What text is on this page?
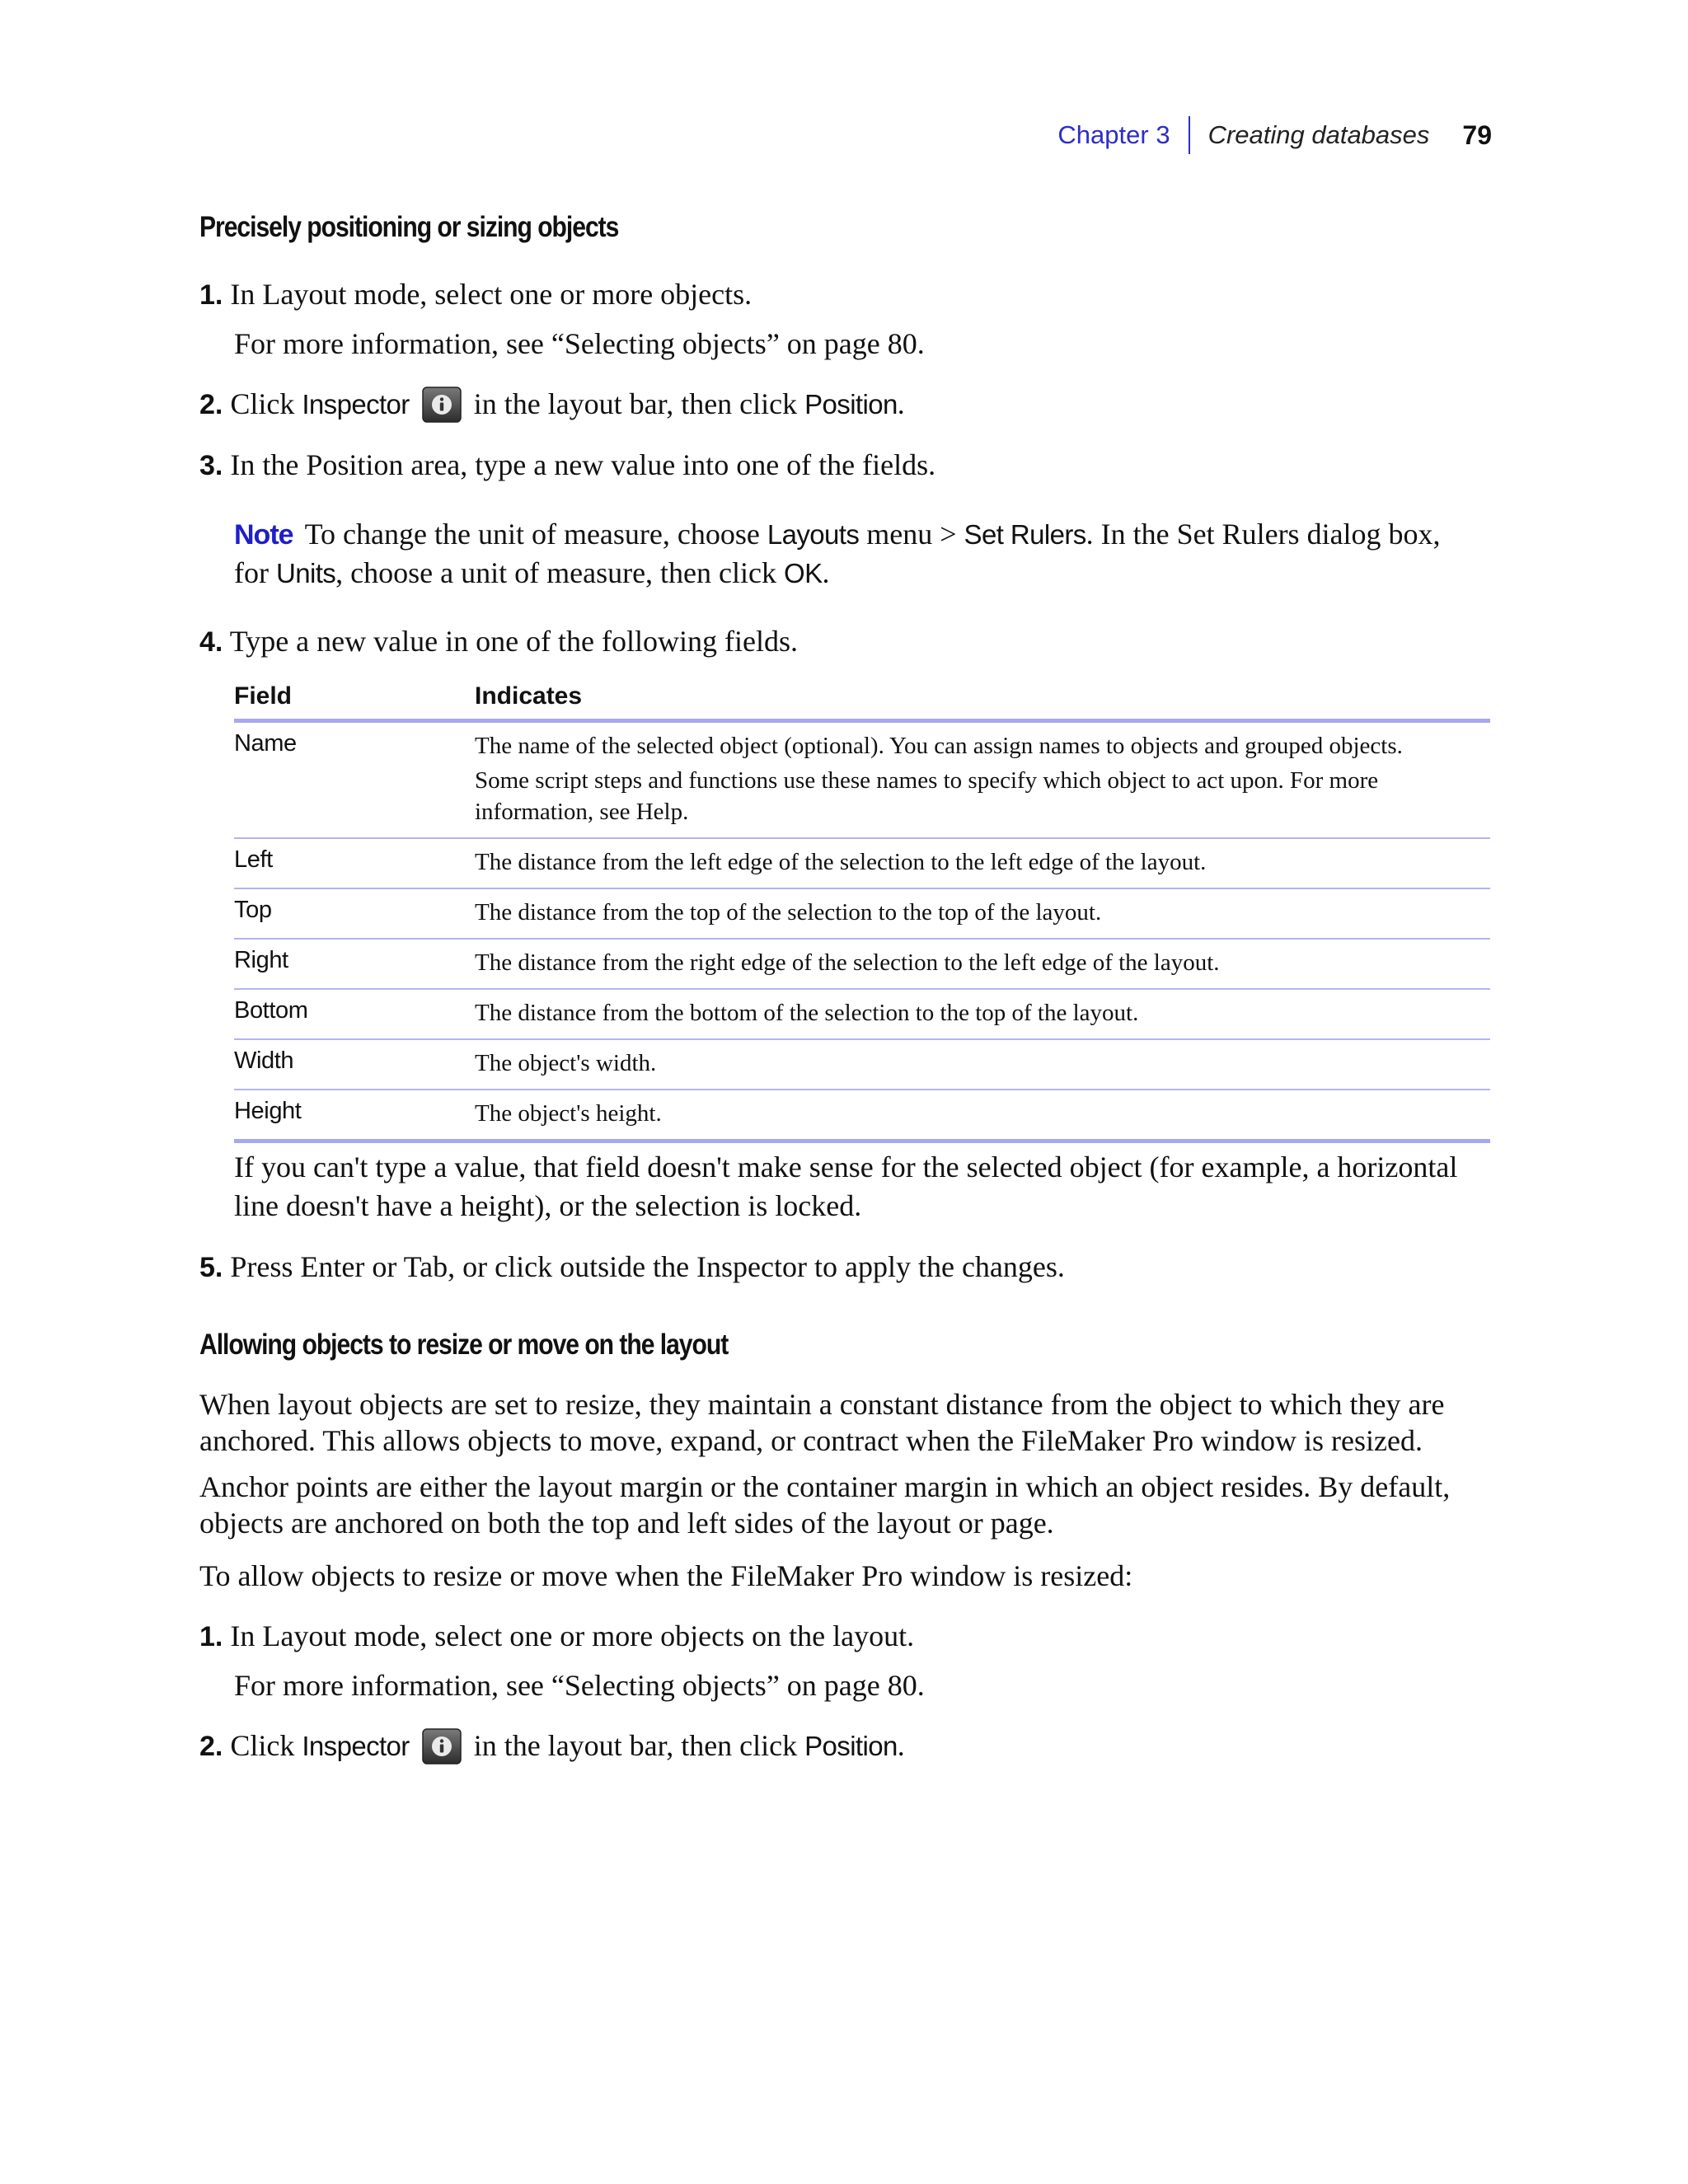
Chapter 3 Creating databases 79
Precisely positioning or sizing objects
1. In Layout mode, select one or more objects.
For more information, see “Selecting objects” on page 80.
2. Click Inspector  in the layout bar, then click Position.
3. In the Position area, type a new value into one of the fields.
Note To change the unit of measure, choose Layouts menu > Set Rulers. In the Set Rulers dialog box,
for Units, choose a unit of measure, then click OK.
4. Type a new value in one of the following fields.
Field	Indicates
Name	The name of the selected object (optional). You can assign names to objects and grouped objects.

Some script steps and functions use these names to specify which object to act upon. For more information, see Help.

Left	The distance from the left edge of the selection to the left edge of the layout.
Top	The distance from the top of the selection to the top of the layout.
Right	The distance from the right edge of the selection to the left edge of the layout.
Bottom	The distance from the bottom of the selection to the top of the layout.
Width	The object's width.
Height	The object's height.
If you can't type a value, that field doesn't make sense for the selected object (for example, a horizontal line doesn't have a height), or the selection is locked.
5. Press Enter or Tab, or click outside the Inspector to apply the changes.
Allowing objects to resize or move on the layout
When layout objects are set to resize, they maintain a constant distance from the object to which they are anchored. This allows objects to move, expand, or contract when the FileMaker Pro window is resized.
Anchor points are either the layout margin or the container margin in which an object resides. By default, objects are anchored on both the top and left sides of the layout or page.
To allow objects to resize or move when the FileMaker Pro window is resized:
1. In Layout mode, select one or more objects on the layout.
For more information, see “Selecting objects” on page 80.
2. Click Inspector  in the layout bar, then click Position.
